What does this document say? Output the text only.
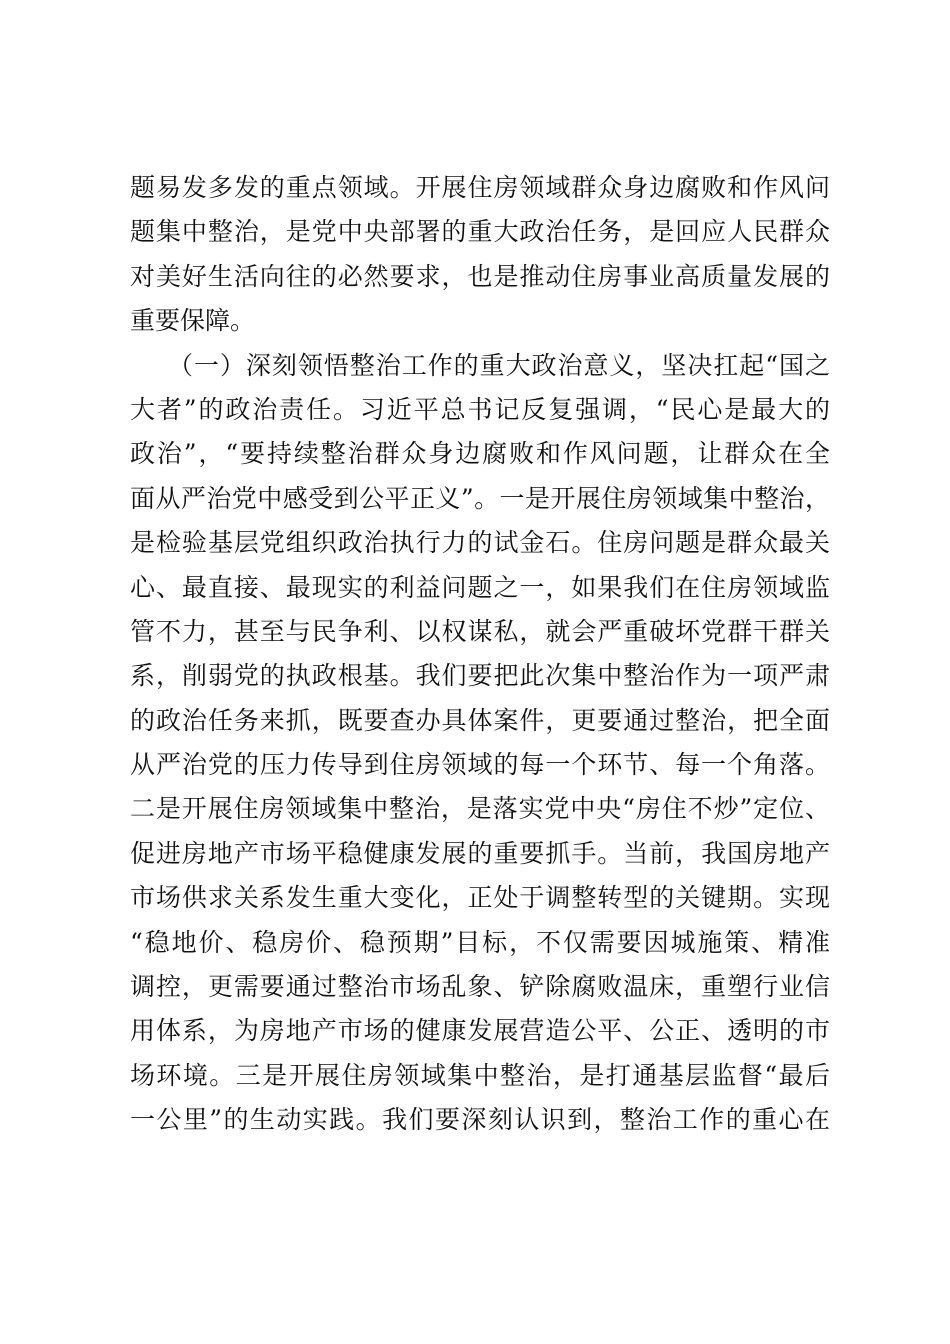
题易发多发的重点领域。开展住房领域群众身边腐败和作风问
题集中整治，是党中央部署的重大政治任务，是回应人民群众
对美好生活向往的必然要求，也是推动住房事业高质量发展的
重要保障。
（一）深刻领悟整治工作的重大政治意义，坚决扛起“国之
大者”的政治责任。习近平总书记反复强调，“民心是最大的
政治”，“要持续整治群众身边腐败和作风问题，让群众在全
面从严治党中感受到公平正义”。一是开展住房领域集中整治，
是检验基层党组织政治执行力的试金石。住房问题是群众最关
心、最直接、最现实的利益问题之一，如果我们在住房领域监
管不力，甚至与民争利、以权谋私，就会严重破坏党群干群关
系，削弱党的执政根基。我们要把此次集中整治作为一项严肃
的政治任务来抓，既要查办具体案件，更要通过整治，把全面
从严治党的压力传导到住房领域的每一个环节、每一个角落。
二是开展住房领域集中整治，是落实党中央“房住不炒”定位、
促进房地产市场平稳健康发展的重要抓手。当前，我国房地产
市场供求关系发生重大变化，正处于调整转型的关键期。实现
“稳地价、稳房价、稳预期”目标，不仅需要因城施策、精准
调控，更需要通过整治市场乱象、铲除腐败温床，重塑行业信
用体系，为房地产市场的健康发展营造公平、公正、透明的市
场环境。三是开展住房领域集中整治，是打通基层监督“最后
一公里”的生动实践。我们要深刻认识到，整治工作的重心在
